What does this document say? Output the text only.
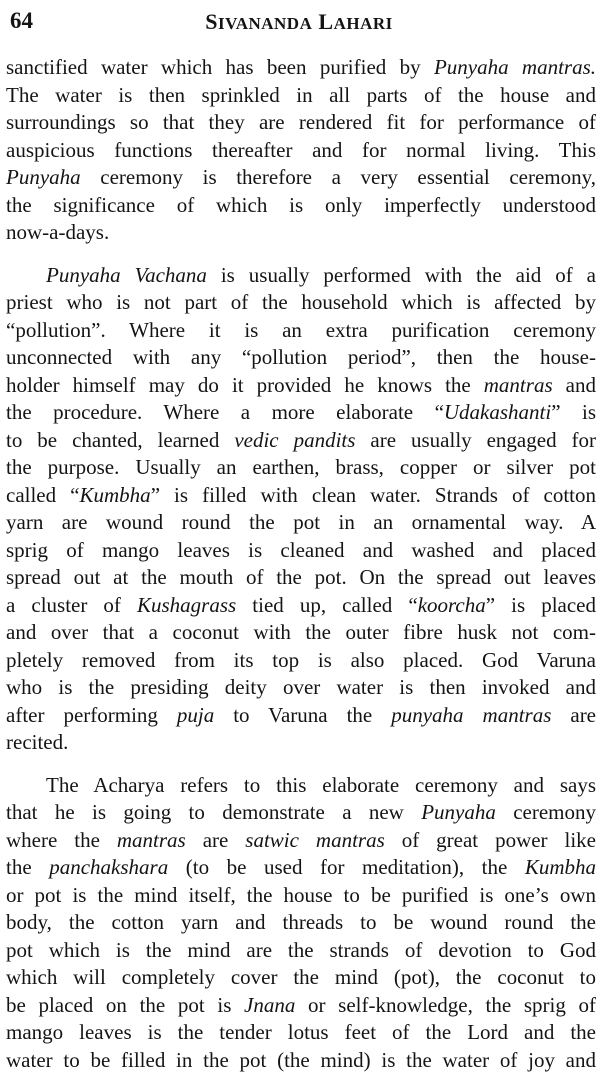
64	SIVANANDA LAHARI
sanctified water which has been purified by Punyaha mantras.
The water is then sprinkled in all parts of the house and
surroundings so that they are rendered fit for performance of
auspicious functions thereafter and for normal living. This
Punyaha ceremony is therefore a very essential ceremony,
the significance of which is only imperfectly understood
now-a-days.
Punyaha Vachana is usually performed with the aid of a
priest who is not part of the household which is affected by
“pollution”. Where it is an extra purification ceremony
unconnected with any “pollution period”, then the house-
holder himself may do it provided he knows the mantras and
the procedure. Where a more elaborate “Udakashanti” is
to be chanted, learned vedic pandits are usually engaged for
the purpose. Usually an earthen, brass, copper or silver pot
called “Kumbha” is filled with clean water. Strands of cotton
yarn are wound round the pot in an ornamental way. A
sprig of mango leaves is cleaned and washed and placed
spread out at the mouth of the pot. On the spread out leaves
a cluster of Kushagrass tied up, called “koorcha” is placed
and over that a coconut with the outer fibre husk not com-
pletely removed from its top is also placed. God Varuna
who is the presiding deity over water is then invoked and
after performing puja to Varuna the punyaha mantras are
recited.
The Acharya refers to this elaborate ceremony and says
that he is going to demonstrate a new Punyaha ceremony
where the mantras are satwic mantras of great power like
the panchakshara (to be used for meditation), the Kumbha
or pot is the mind itself, the house to be purified is one’s own
body, the cotton yarn and threads to be wound round the
pot which is the mind are the strands of devotion to God
which will completely cover the mind (pot), the coconut to
be placed on the pot is Jnana or self-knowledge, the sprig of
mango leaves is the tender lotus feet of the Lord and the
water to be filled in the pot (the mind) is the water of joy and
